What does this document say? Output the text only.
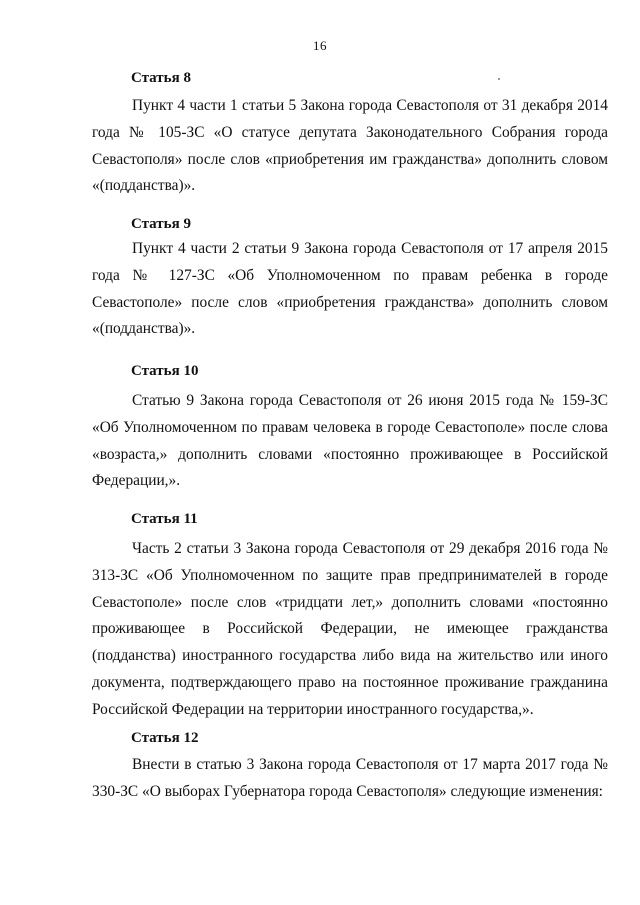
16
Статья 8

Пункт 4 части 1 статьи 5 Закона города Севастополя от 31 декабря 2014 года № 105-ЗС «О статусе депутата Законодательного Собрания города Севастополя» после слов «приобретения им гражданства» дополнить словом «(подданства)».

Статья 9

Пункт 4 части 2 статьи 9 Закона города Севастополя от 17 апреля 2015 года № 127-ЗС «Об Уполномоченном по правам ребенка в городе Севастополе» после слов «приобретения гражданства» дополнить словом «(подданства)».

Статья 10

Статью 9 Закона города Севастополя от 26 июня 2015 года № 159-ЗС «Об Уполномоченном по правам человека в городе Севастополе» после слова «возраста,» дополнить словами «постоянно проживающее в Российской Федерации,».

Статья 11

Часть 2 статьи 3 Закона города Севастополя от 29 декабря 2016 года № 313-ЗС «Об Уполномоченном по защите прав предпринимателей в городе Севастополе» после слов «тридцати лет,» дополнить словами «постоянно проживающее в Российской Федерации, не имеющее гражданства (подданства) иностранного государства либо вида на жительство или иного документа, подтверждающего право на постоянное проживание гражданина Российской Федерации на территории иностранного государства,».

Статья 12

Внести в статью 3 Закона города Севастополя от 17 марта 2017 года № 330-ЗС «О выборах Губернатора города Севастополя» следующие изменения:
